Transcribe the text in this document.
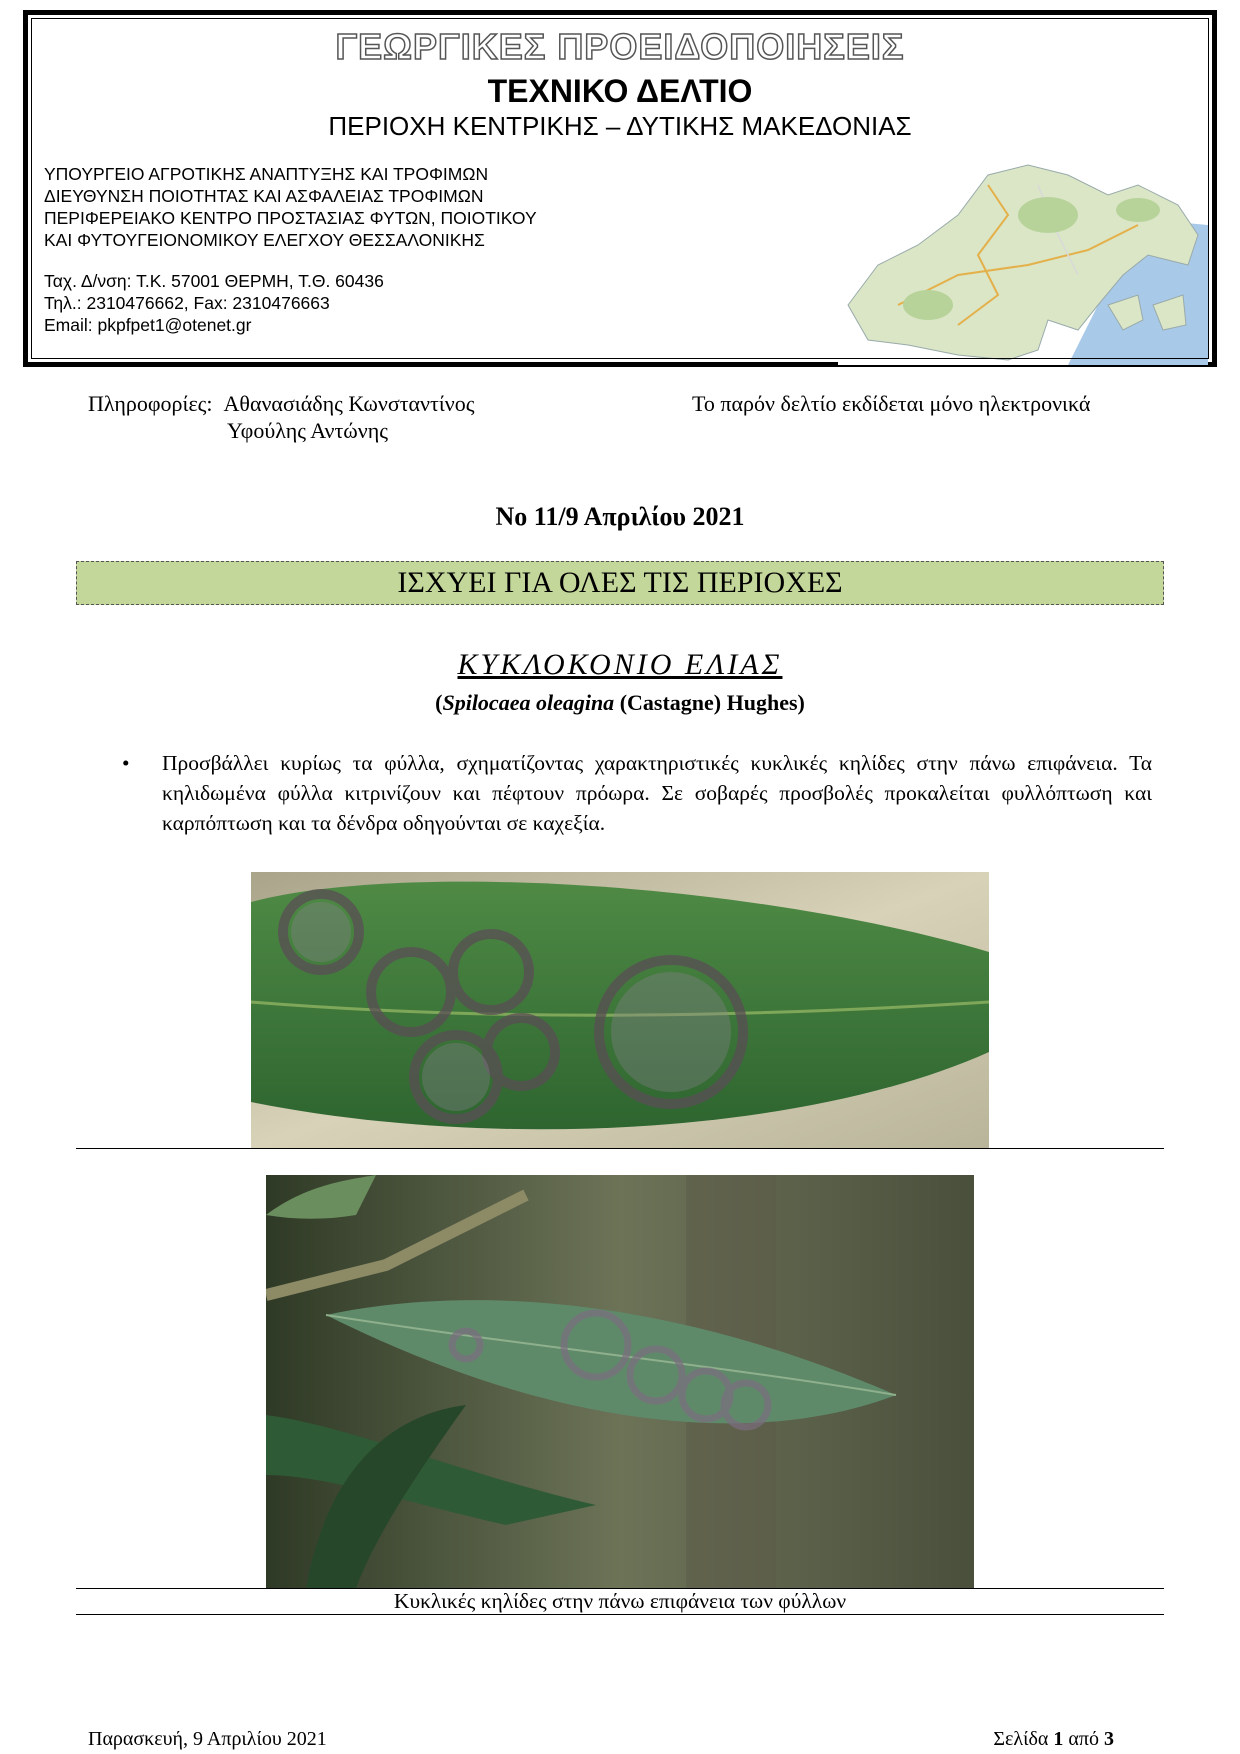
ΓΕΩΡΓΙΚΕΣ ΠΡΟΕΙΔΟΠΟΙΗΣΕΙΣ
ΤΕΧΝΙΚΟ ΔΕΛΤΙΟ
ΠΕΡΙΟΧΗ ΚΕΝΤΡΙΚΗΣ – ΔΥΤΙΚΗΣ ΜΑΚΕΔΟΝΙΑΣ
ΥΠΟΥΡΓΕΙΟ ΑΓΡΟΤΙΚΗΣ ΑΝΑΠΤΥΞΗΣ ΚΑΙ ΤΡΟΦΙΜΩΝ
ΔΙΕΥΘΥΝΣΗ ΠΟΙΟΤΗΤΑΣ ΚΑΙ ΑΣΦΑΛΕΙΑΣ ΤΡΟΦΙΜΩΝ
ΠΕΡΙΦΕΡΕΙΑΚΟ ΚΕΝΤΡΟ ΠΡΟΣΤΑΣΙΑΣ ΦΥΤΩΝ, ΠΟΙΟΤΙΚΟΥ
ΚΑΙ ΦΥΤΟΥΓΕΙΟΝΟΜΙΚΟΥ ΕΛΕΓΧΟΥ ΘΕΣΣΑΛΟΝΙΚΗΣ
Ταχ. Δ/νση: Τ.Κ. 57001 ΘΕΡΜΗ, Τ.Θ. 60436
Τηλ.: 2310476662, Fax: 2310476663
Email: pkpfpet1@otenet.gr
Πληροφορίες: Αθανασιάδης Κωνσταντίνος
Υφούλης Αντώνης
Το παρόν δελτίο εκδίδεται μόνο ηλεκτρονικά
Νο 11/9 Απριλίου 2021
ΙΣΧΥΕΙ ΓΙΑ ΟΛΕΣ ΤΙΣ ΠΕΡΙΟΧΕΣ
ΚΥΚΛΟΚΟΝΙΟ ΕΛΙΑΣ
(Spilocaea oleagina (Castagne) Hughes)
• Προσβάλλει κυρίως τα φύλλα, σχηματίζοντας χαρακτηριστικές κυκλικές κηλίδες στην πάνω επιφάνεια. Τα κηλιδωμένα φύλλα κιτρινίζουν και πέφτουν πρόωρα. Σε σοβαρές προσβολές προκαλείται φυλλόπτωση και καρπόπτωση και τα δένδρα οδηγούνται σε καχεξία.
Κυκλικές κηλίδες στην πάνω επιφάνεια των φύλλων
Παρασκευή, 9 Απριλίου 2021	Σελίδα 1 από 3
